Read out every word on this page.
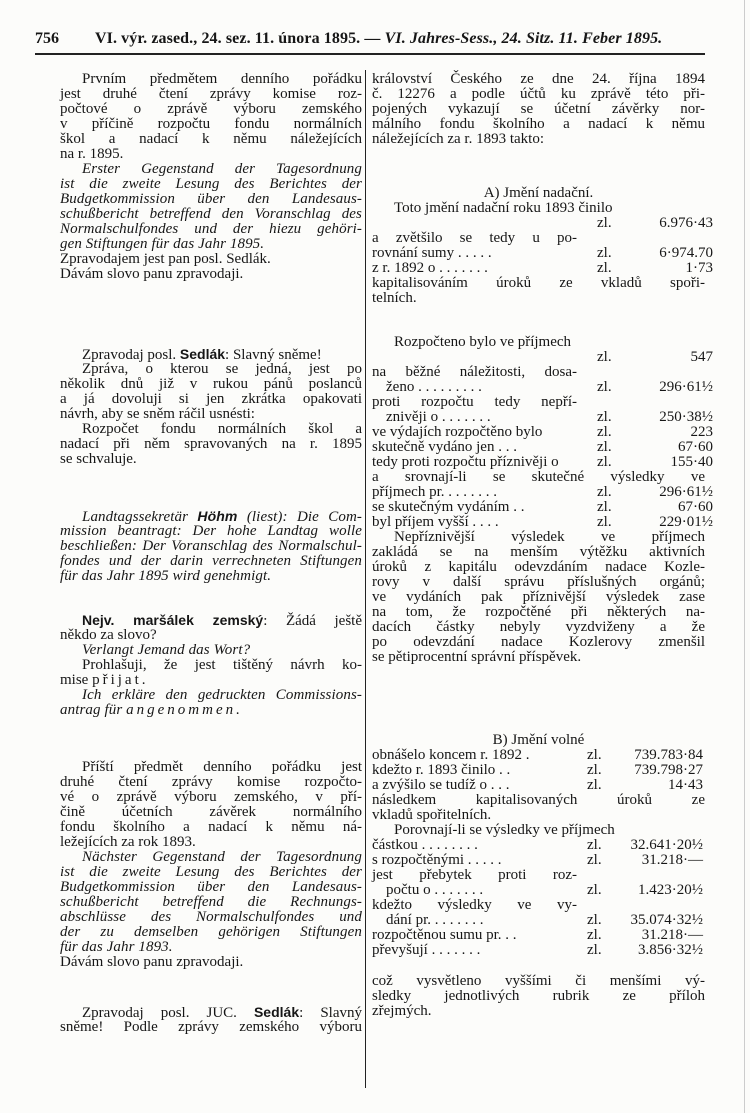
756 VI. výr. zased., 24. sez. 11. února 1895. — VI. Jahres-Sess., 24. Sitz. 11. Feber 1895.
Prvním předmětem denního pořádku
jest druhé čtení zprávy komise roz-
počtové o zprávě výboru zemského
v příčině rozpočtu fondu normálních
škol a nadací k němu náležejících
na r. 1895.
Erster Gegenstand der Tagesordnung
ist die zweite Lesung des Berichtes der
Budgetkommission über den Landesaus-
schußbericht betreffend den Voranschlag des
Normalschulfondes und der hiezu gehöri-
gen Stiftungen für das Jahr 1895.
Zpravodajem jest pan posl. Sedlák.
Dávám slovo panu zpravodaji.
Zpravodaj posl. Sedlák: Slavný sněme!
Zpráva, o kterou se jedná, jest po
několik dnů již v rukou pánů poslanců
a já dovoluji si jen zkrátka opakovati
návrh, aby se sněm ráčil usnésti:
Rozpočet fondu normálních škol a
nadací při něm spravovaných na r. 1895
se schvaluje.
Landtagssekretär Höhm (liest): Die Com-
mission beantragt: Der hohe Landtag wolle
beschließen: Der Voranschlag des Normalschul-
fondes und der darin verrechneten Stiftungen
für das Jahr 1895 wird genehmigt.
Nejv. maršálek zemský: Žádá ještě
někdo za slovo?
Verlangt Jemand das Wort?
Prohlašuji, že jest tištěný návrh ko-
mise přijat.
Ich erkläre den gedruckten Commissions-
antrag für angenommen.
Příští předmět denního pořádku jest
druhé čtení zprávy komise rozpočto-
vé o zprávě výboru zemského, v pří-
čině účetních závěrek normálního
fondu školního a nadací k němu ná-
ležejících za rok 1893.
Nächster Gegenstand der Tagesordnung
ist die zweite Lesung des Berichtes der
Budgetkommission über den Landesaus-
schußbericht betreffend die Rechnungs-
abschlüsse des Normalschulfondes und
der zu demselben gehörigen Stiftungen
für das Jahr 1893.
Dávám slovo panu zpravodaji.
Zpravodaj posl. JUC. Sedlák: Slavný
sněme! Podle zprávy zemského výboru
království Českého ze dne 24. října 1894
č. 12276 a podle účtů ku zprávě této při-
pojených vykazují se účetní závěrky nor-
málního fondu školního a nadací k němu
náležejících za r. 1893 takto:
A) Jmění nadační.
Toto jmění nadační roku 1893 činilo
zl.	6.976·43
a zvětšilo se tedy u po-
rovnání sumy . . . . .	zl.	6·974.70
z r. 1892 o . . . . . . .	zl.	1·73
kapitalisováním úroků ze vkladů spoři-
telních.
Rozpočteno bylo ve příjmech
zl.	547
na běžné náležitosti, dosa-
ženo . . . . . . . . .	zl.	296·61½
proti rozpočtu tedy nepří-
znivěji o . . . . . . .	zl.	250·38½
ve výdajích rozpočtěno bylo	zl.	223
skutečně vydáno jen . . .	zl.	67·60
tedy proti rozpočtu příznivěji o	zl.	155·40
a srovnají-li se skutečné výsledky ve
příjmech pr. . . . . . . .	zl.	296·61½
se skutečným vydáním . .	zl.	67·60
byl příjem vyšší . . . .	zl.	229·01½
Nepříznivější výsledek ve příjmech
zakládá se na menším výtěžku aktivních
úroků z kapitálu odevzdáním nadace Kozle-
rovy v další správu příslušných orgánů;
ve vydáních pak příznivější výsledek zase
na tom, že rozpočtěné při některých na-
dacích částky nebyly vyzdviženy a že
po odevzdání nadace Kozlerovy zmenšil
se pětiprocentní správní příspěvek.
B) Jmění volné
obnášelo koncem r. 1892 .	zl.	739.783·84
kdežto r. 1893 činilo . .	zl.	739.798·27
a zvýšilo se tudíž o . . .	zl.	14·43
následkem kapitalisovaných úroků ze
vkladů spořitelních.
Porovnají-li se výsledky ve příjmech
částkou . . . . . . . .	zl.	32.641·20½
s rozpočtěnými . . . . .	zl.	31.218·—
jest přebytek proti roz-
počtu o . . . . . . .	zl.	1.423·20½
kdežto výsledky ve vy-
dání pr. . . . . . . .	zl.	35.074·32½
rozpočtěnou sumu pr. . .	zl.	31.218·—
převyšují . . . . . . .	zl.	3.856·32½
což vysvětleno vyššími či menšími vý-
sledky jednotlivých rubrik ze příloh
zřejmých.
